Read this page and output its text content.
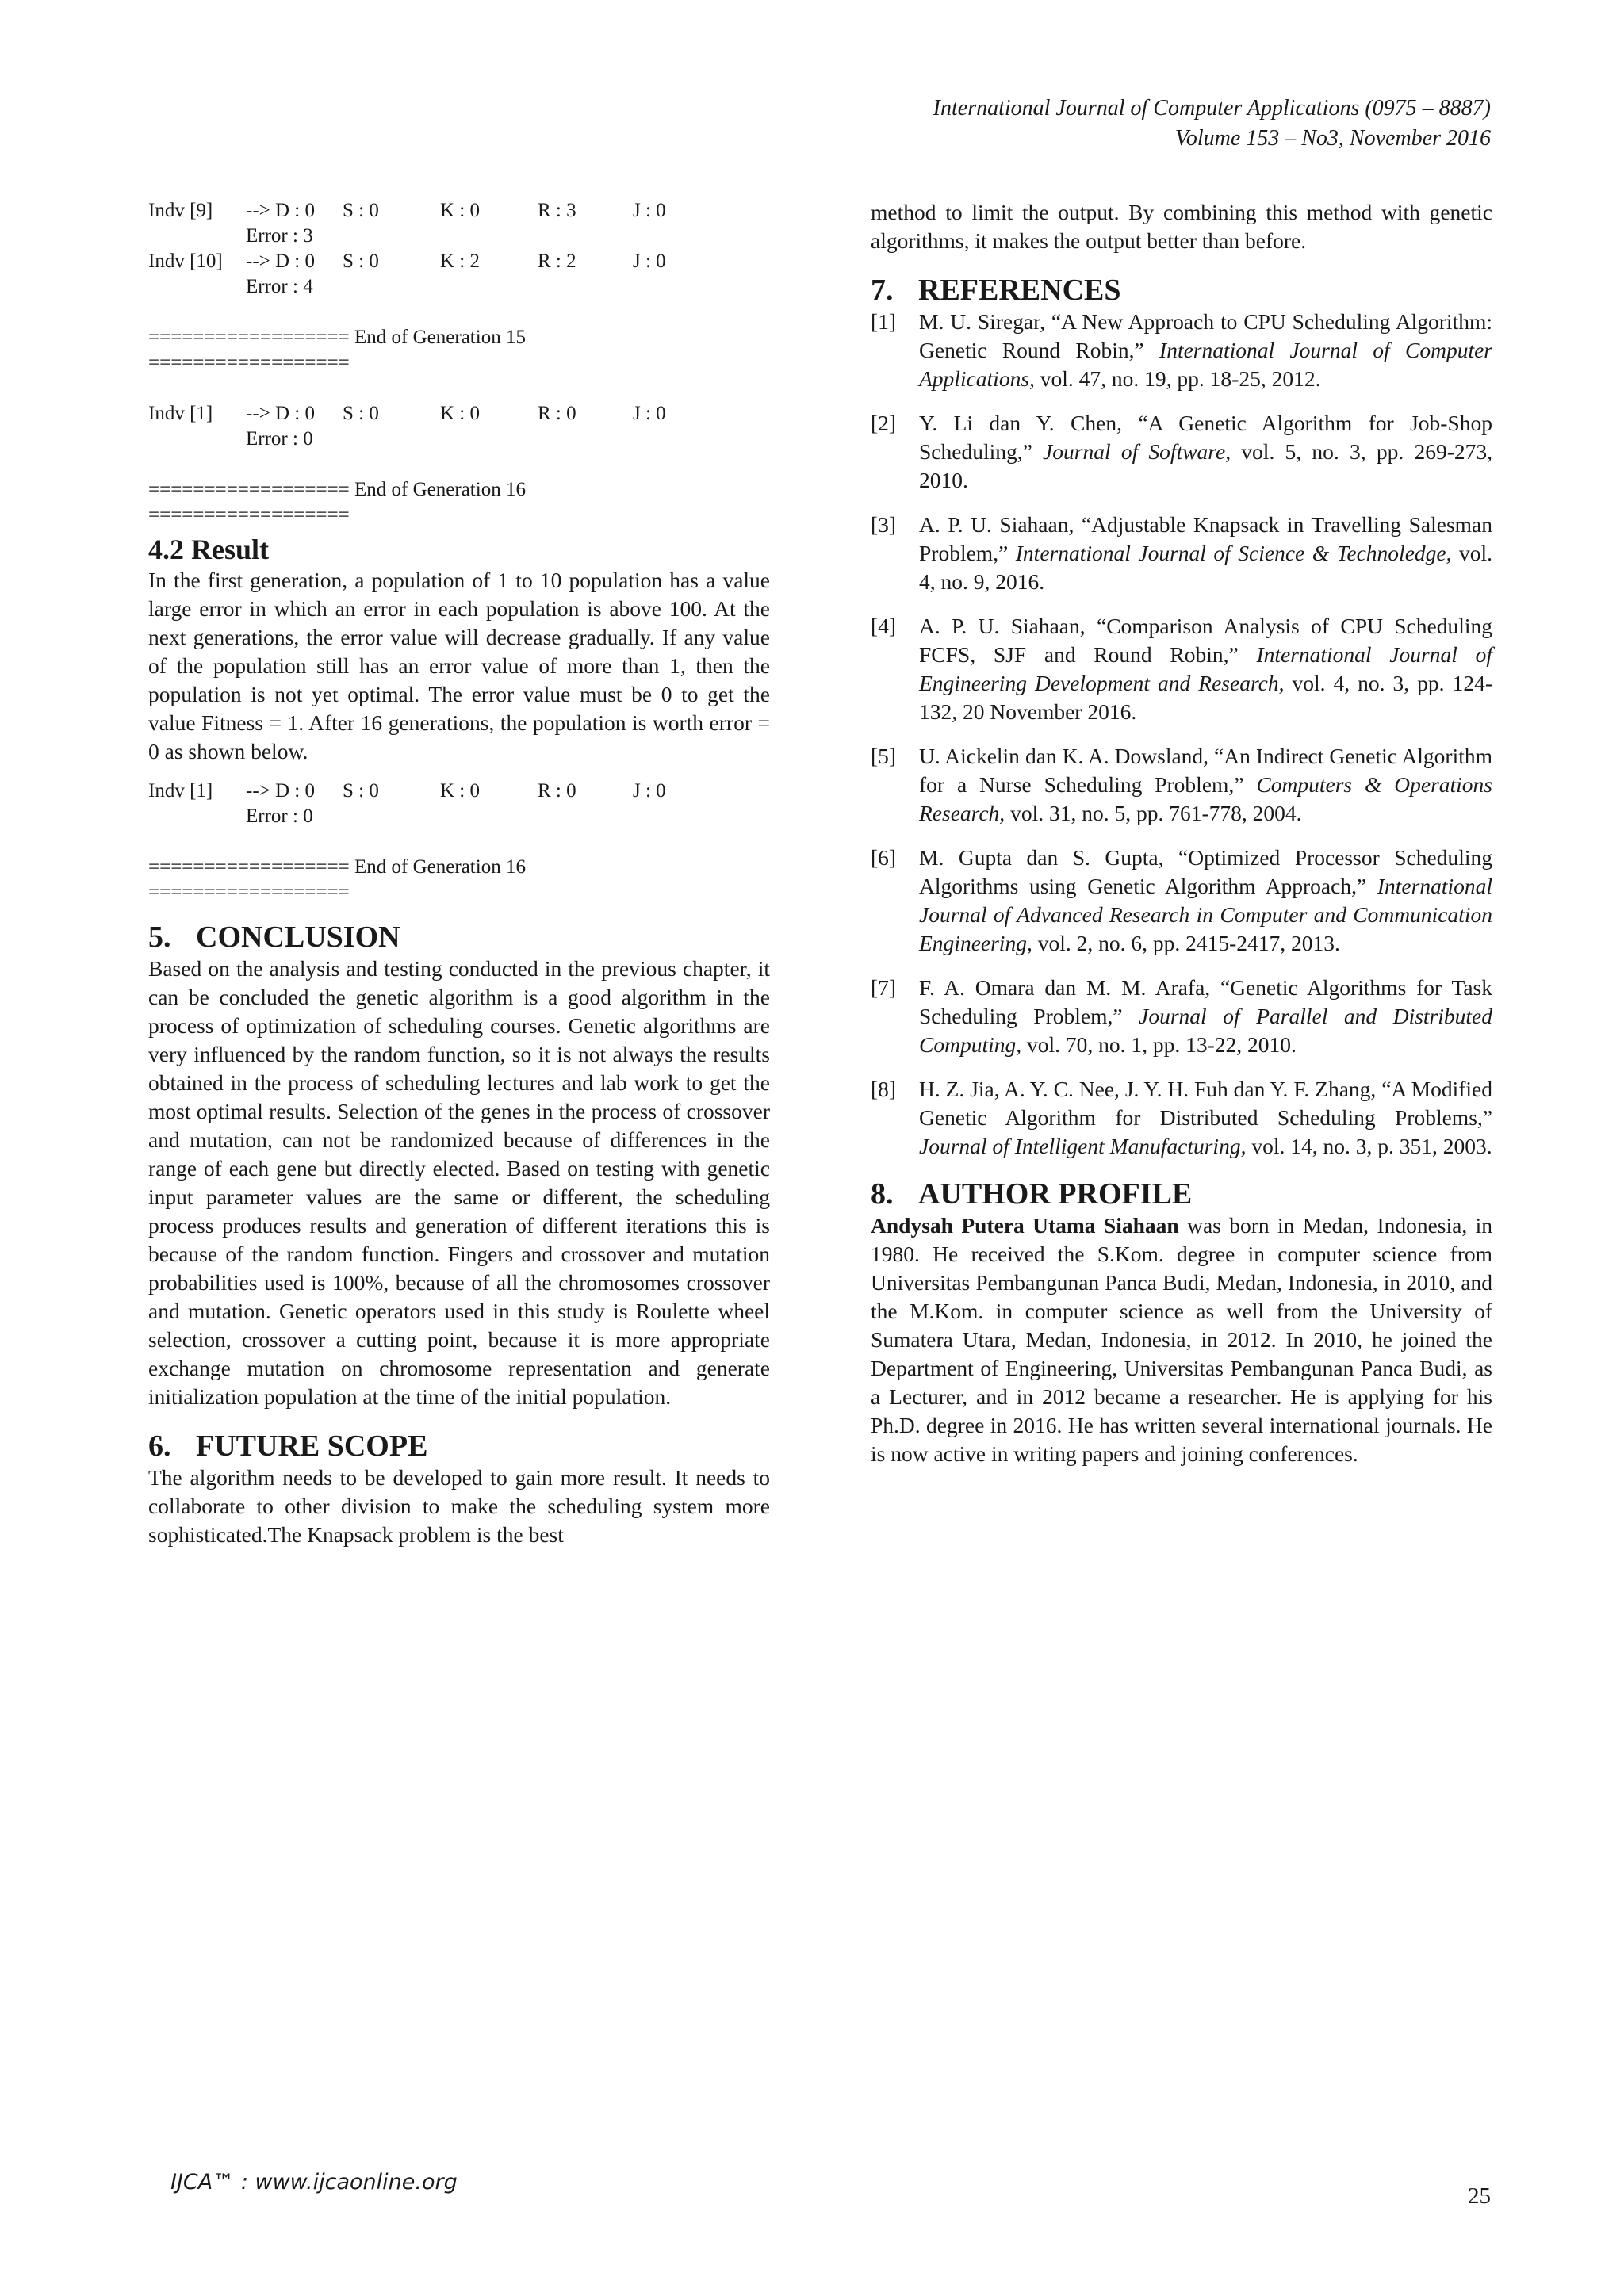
International Journal of Computer Applications (0975 – 8887)
Volume 153 – No3, November 2016
Indv [9]	--> D : 0	S : 0	K : 0	R : 3	J : 0
Error : 3
Indv [10]	--> D : 0	S : 0	K : 2	R : 2	J : 0
Error : 4
================== End of Generation 15
==================
Indv [1]	--> D : 0	S : 0	K : 0	R : 0	J : 0
Error : 0
================== End of Generation 16
==================
4.2 Result

In the first generation, a population of 1 to 10 population has a value large error in which an error in each population is above 100. At the next generations, the error value will decrease gradually. If any value of the population still has an error value of more than 1, then the population is not yet optimal. The error value must be 0 to get the value Fitness = 1. After 16 generations, the population is worth error = 0 as shown below.

Indv [1]	--> D : 0	S : 0	K : 0	R : 0	J : 0
Error : 0
================== End of Generation 16
==================
5. CONCLUSION

Based on the analysis and testing conducted in the previous chapter, it can be concluded the genetic algorithm is a good algorithm in the process of optimization of scheduling courses. Genetic algorithms are very influenced by the random function, so it is not always the results obtained in the process of scheduling lectures and lab work to get the most optimal results. Selection of the genes in the process of crossover and mutation, can not be randomized because of differences in the range of each gene but directly elected. Based on testing with genetic input parameter values are the same or different, the scheduling process produces results and generation of different iterations this is because of the random function. Fingers and crossover and mutation probabilities used is 100%, because of all the chromosomes crossover and mutation. Genetic operators used in this study is Roulette wheel selection, crossover a cutting point, because it is more appropriate exchange mutation on chromosome representation and generate initialization population at the time of the initial population.

6. FUTURE SCOPE

The algorithm needs to be developed to gain more result. It needs to collaborate to other division to make the scheduling system more sophisticated.The Knapsack problem is the best

method to limit the output. By combining this method with genetic algorithms, it makes the output better than before.

7. REFERENCES
[1]	M. U. Siregar, “A New Approach to CPU Scheduling Algorithm: Genetic Round Robin,” International Journal of Computer Applications, vol. 47, no. 19, pp. 18-25, 2012.
[2]	Y. Li dan Y. Chen, “A Genetic Algorithm for Job-Shop Scheduling,” Journal of Software, vol. 5, no. 3, pp. 269-273, 2010.
[3]	A. P. U. Siahaan, “Adjustable Knapsack in Travelling Salesman Problem,” International Journal of Science & Technoledge, vol. 4, no. 9, 2016.
[4]	A. P. U. Siahaan, “Comparison Analysis of CPU Scheduling FCFS, SJF and Round Robin,” International Journal of Engineering Development and Research, vol. 4, no. 3, pp. 124-132, 20 November 2016.
[5]	U. Aickelin dan K. A. Dowsland, “An Indirect Genetic Algorithm for a Nurse Scheduling Problem,” Computers & Operations Research, vol. 31, no. 5, pp. 761-778, 2004.
[6]	M. Gupta dan S. Gupta, “Optimized Processor Scheduling Algorithms using Genetic Algorithm Approach,” International Journal of Advanced Research in Computer and Communication Engineering, vol. 2, no. 6, pp. 2415-2417, 2013.
[7]	F. A. Omara dan M. M. Arafa, “Genetic Algorithms for Task Scheduling Problem,” Journal of Parallel and Distributed Computing, vol. 70, no. 1, pp. 13-22, 2010.
[8]	H. Z. Jia, A. Y. C. Nee, J. Y. H. Fuh dan Y. F. Zhang, “A Modified Genetic Algorithm for Distributed Scheduling Problems,” Journal of Intelligent Manufacturing, vol. 14, no. 3, p. 351, 2003.
8. AUTHOR PROFILE

Andysah Putera Utama Siahaan was born in Medan, Indonesia, in 1980. He received the S.Kom. degree in computer science from Universitas Pembangunan Panca Budi, Medan, Indonesia, in 2010, and the M.Kom. in computer science as well from the University of Sumatera Utara, Medan, Indonesia, in 2012. In 2010, he joined the Department of Engineering, Universitas Pembangunan Panca Budi, as a Lecturer, and in 2012 became a researcher. He is applying for his Ph.D. degree in 2016. He has written several international journals. He is now active in writing papers and joining conferences.

IJCA™ : www.ijcaonline.org
25
